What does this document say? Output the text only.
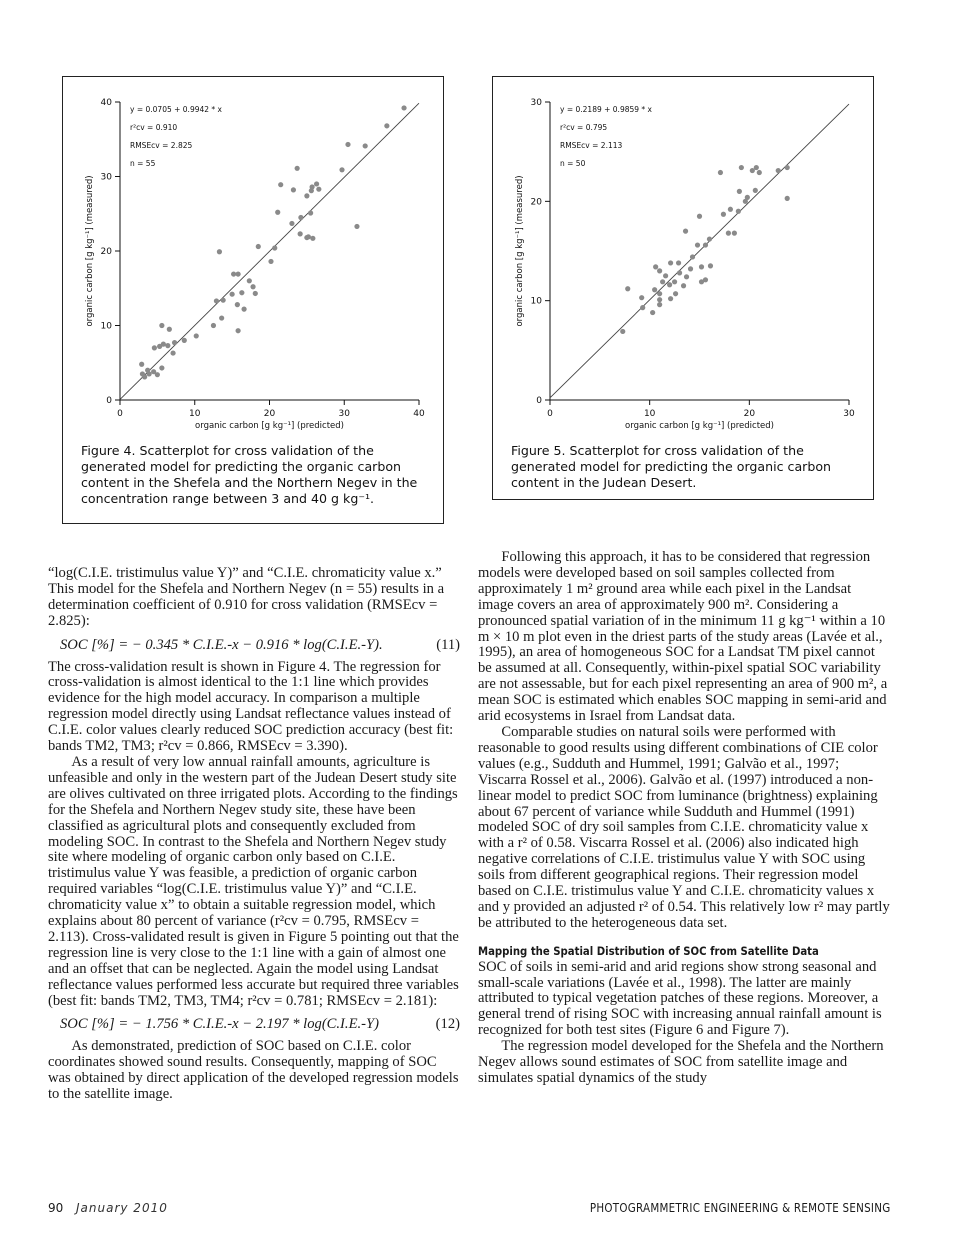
0	10	20	30	40
0
10
20
30
40
organic carbon [g kg⁻¹] (predicted)
organic carbon [g kg⁻¹] (measured)
y = 0.0705 + 0.9942 * x
r²cv = 0.910
RMSEcv = 2.825
n = 55
Figure 4. Scatterplot for cross validation of the generated model for predicting the organic carbon content in the Shefela and the Northern Negev in the concentration range between 3 and 40 g kg⁻¹.
0	10	20	30
0
10
20
30
organic carbon [g kg⁻¹] (predicted)
organic carbon [g kg⁻¹] (measured)
y = 0.2189 + 0.9859 * x
r²cv = 0.795
RMSEcv = 2.113
n = 50
Figure 5. Scatterplot for cross validation of the generated model for predicting the organic carbon content in the Judean Desert.

“log(C.I.E. tristimulus value Y)” and “C.I.E. chromaticity value x.” This model for the Shefela and Northern Negev (n = 55) results in a determination coefficient of 0.910 for cross validation (RMSEcv = 2.825):

SOC [%] = − 0.345 * C.I.E.-x − 0.916 * log(C.I.E.-Y).	(11)

The cross-validation result is shown in Figure 4. The regression for cross-validation is almost identical to the 1:1 line which provides evidence for the high model accuracy. In comparison a multiple regression model directly using Landsat reflectance values instead of C.I.E. color values clearly reduced SOC prediction accuracy (best fit: bands TM2, TM3; r²cv = 0.866, RMSEcv = 3.390).

As a result of very low annual rainfall amounts, agriculture is unfeasible and only in the western part of the Judean Desert study site are olives cultivated on three irrigated plots. According to the findings for the Shefela and Northern Negev study site, these have been classified as agricultural plots and consequently excluded from modeling SOC. In contrast to the Shefela and Northern Negev study site where modeling of organic carbon only based on C.I.E. tristimulus value Y was feasible, a prediction of organic carbon required variables “log(C.I.E. tristimulus value Y)” and “C.I.E. chromaticity value x” to obtain a suitable regression model, which explains about 80 percent of variance (r²cv = 0.795, RMSEcv = 2.113). Cross-validated result is given in Figure 5 pointing out that the regression line is very close to the 1:1 line with a gain of almost one and an offset that can be neglected. Again the model using Landsat reflectance values performed less accurate but required three variables (best fit: bands TM2, TM3, TM4; r²cv = 0.781; RMSEcv = 2.181):

SOC [%] = − 1.756 * C.I.E.-x − 2.197 * log(C.I.E.-Y)	(12)

As demonstrated, prediction of SOC based on C.I.E. color coordinates showed sound results. Consequently, mapping of SOC was obtained by direct application of the developed regression models to the satellite image.

Following this approach, it has to be considered that regression models were developed based on soil samples collected from approximately 1 m² ground area while each pixel in the Landsat image covers an area of approximately 900 m². Considering a pronounced spatial variation of in the minimum 11 g kg⁻¹ within a 10 m × 10 m plot even in the driest parts of the study areas (Lavée et al., 1995), an area of homogeneous SOC for a Landsat TM pixel cannot be assumed at all. Consequently, within-pixel spatial SOC variability are not assessable, but for each pixel representing an area of 900 m², a mean SOC is estimated which enables SOC mapping in semi-arid and arid ecosystems in Israel from Landsat data.

Comparable studies on natural soils were performed with reasonable to good results using different combinations of CIE color values (e.g., Sudduth and Hummel, 1991; Galvão et al., 1997; Viscarra Rossel et al., 2006). Galvão et al. (1997) introduced a non-linear model to predict SOC from luminance (brightness) explaining about 67 percent of variance while Sudduth and Hummel (1991) modeled SOC of dry soil samples from C.I.E. chromaticity value x with a r² of 0.58. Viscarra Rossel et al. (2006) also indicated high negative correlations of C.I.E. tristimulus value Y with SOC using soils from different geographical regions. Their regression model based on C.I.E. tristimulus value Y and C.I.E. chromaticity values x and y provided an adjusted r² of 0.54. This relatively low r² may partly be attributed to the heterogeneous data set.

Mapping the Spatial Distribution of SOC from Satellite Data

SOC of soils in semi-arid and arid regions show strong seasonal and small-scale variations (Lavée et al., 1998). The latter are mainly attributed to typical vegetation patches of these regions. Moreover, a general trend of rising SOC with increasing annual rainfall amount is recognized for both test sites (Figure 6 and Figure 7).

The regression model developed for the Shefela and the Northern Negev allows sound estimates of SOC from satellite image and simulates spatial dynamics of the study

90 January 2010	PHOTOGRAMMETRIC ENGINEERING & REMOTE SENSING
